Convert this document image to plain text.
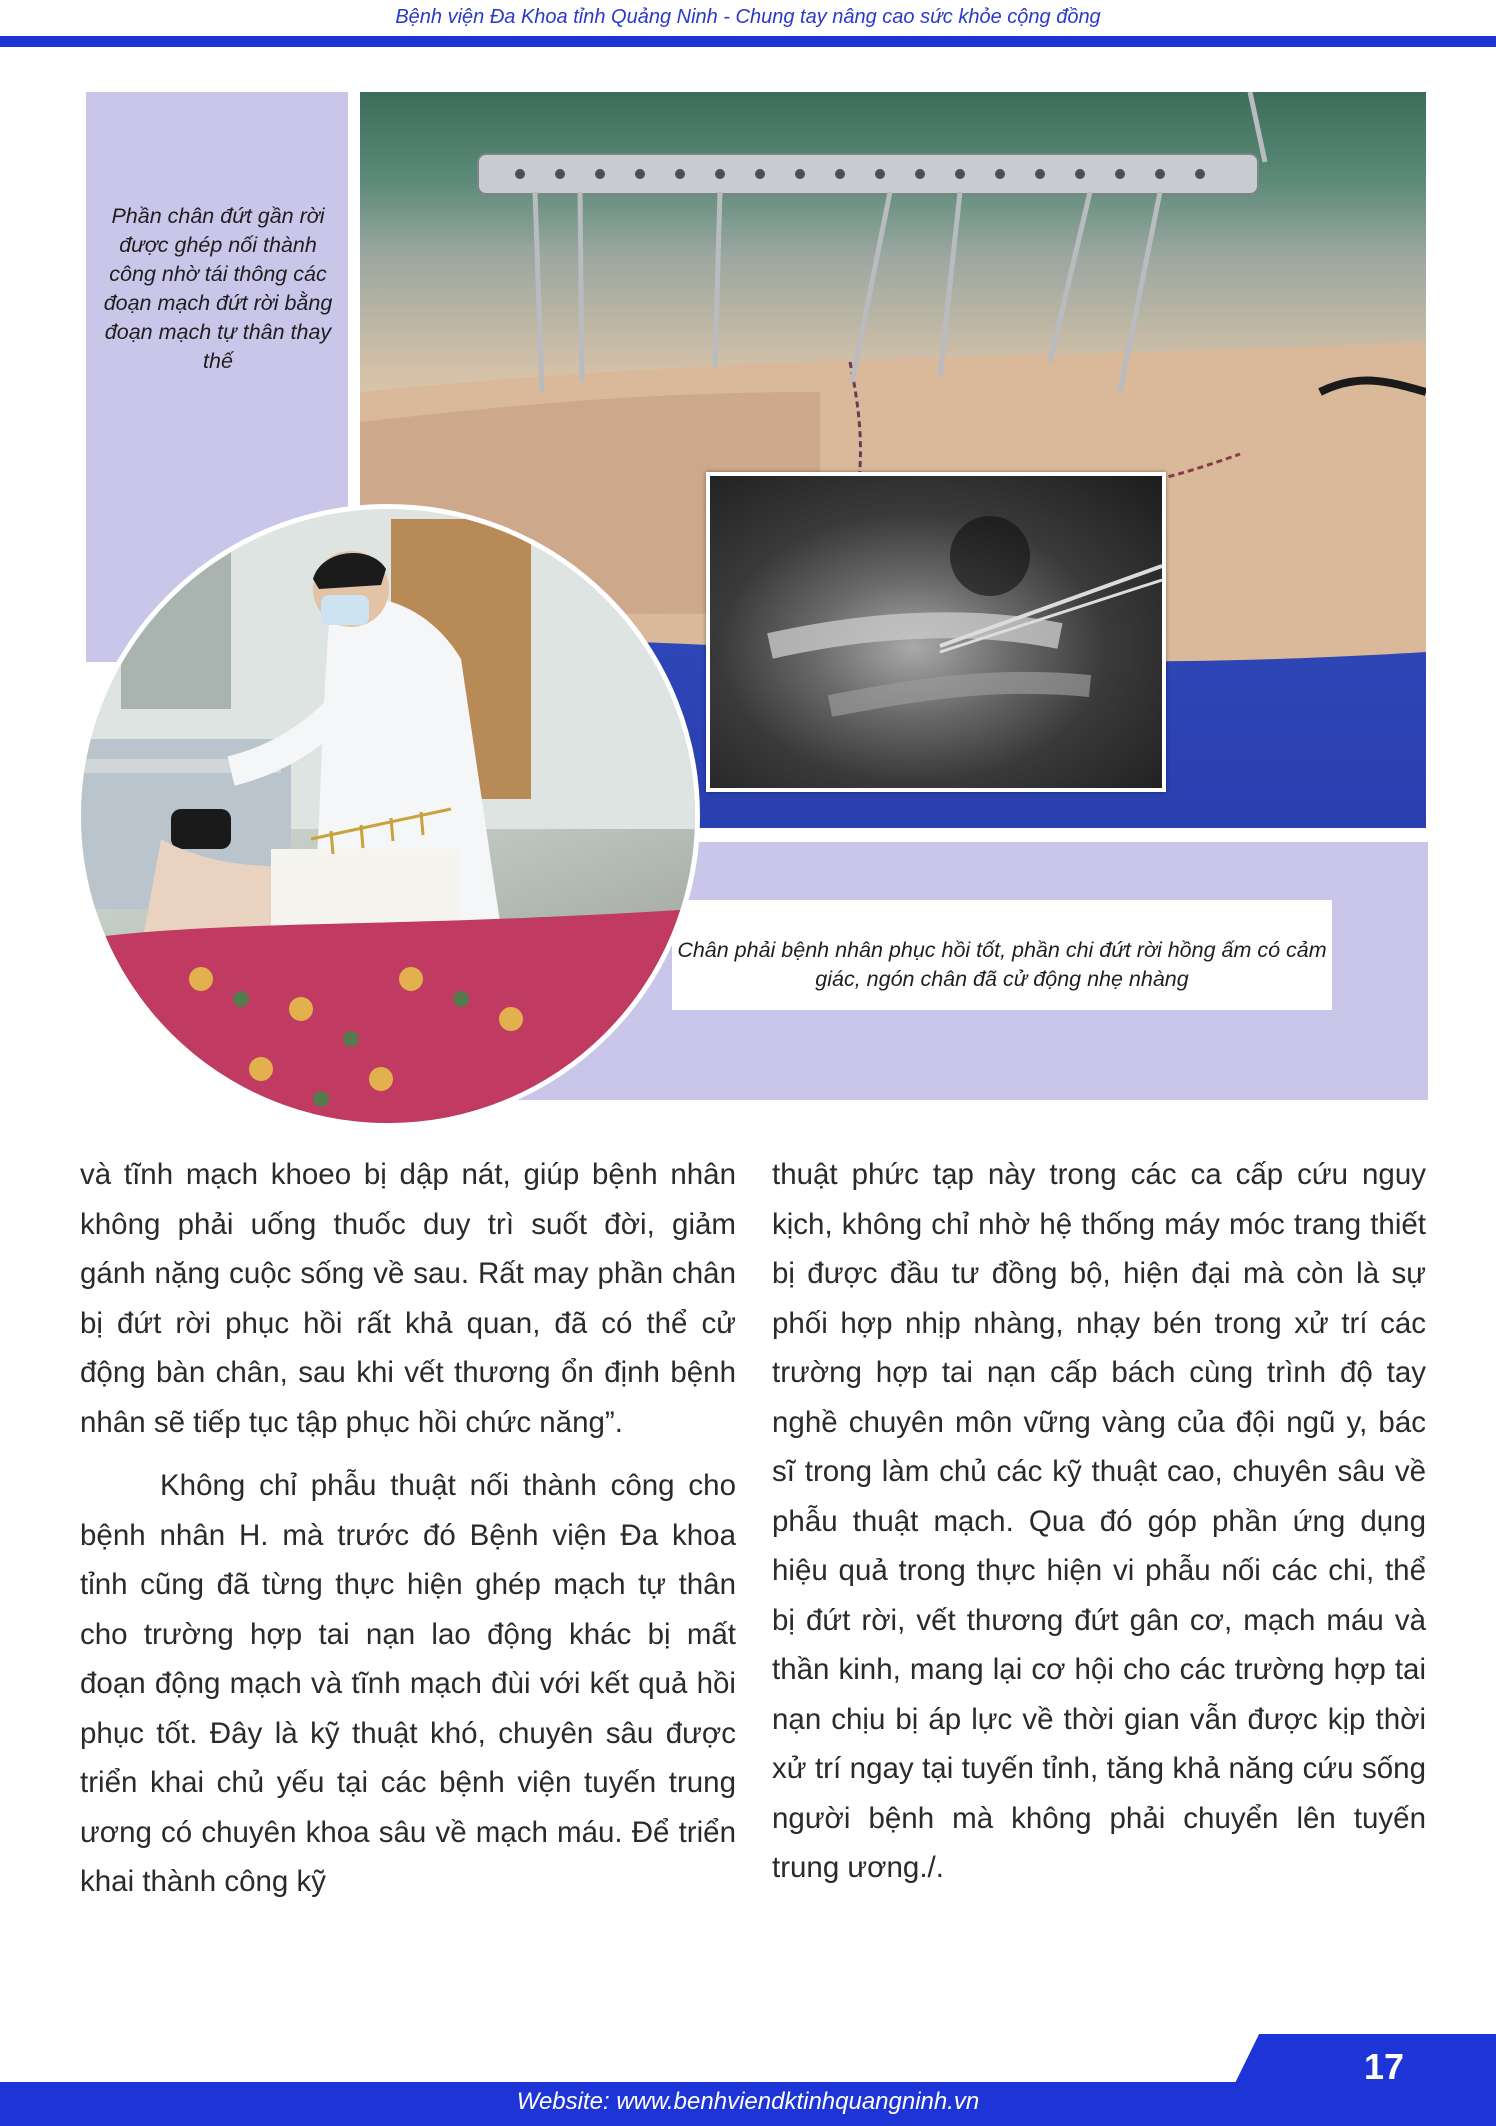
Bệnh viện Đa Khoa tỉnh Quảng Ninh - Chung tay nâng cao sức khỏe cộng đồng
Phần chân đứt gần rời được ghép nối thành công nhờ tái thông các đoạn mạch đứt rời bằng đoạn mạch tự thân thay thế
Chân phải bệnh nhân phục hồi tốt, phần chi đứt rời hồng ấm có cảm giác, ngón chân đã cử động nhẹ nhàng

và tĩnh mạch khoeo bị dập nát, giúp bệnh nhân không phải uống thuốc duy trì suốt đời, giảm gánh nặng cuộc sống về sau. Rất may phần chân bị đứt rời phục hồi rất khả quan, đã có thể cử động bàn chân, sau khi vết thương ổn định bệnh nhân sẽ tiếp tục tập phục hồi chức năng”.

Không chỉ phẫu thuật nối thành công cho bệnh nhân H. mà trước đó Bệnh viện Đa khoa tỉnh cũng đã từng thực hiện ghép mạch tự thân cho trường hợp tai nạn lao động khác bị mất đoạn động mạch và tĩnh mạch đùi với kết quả hồi phục tốt. Đây là kỹ thuật khó, chuyên sâu được triển khai chủ yếu tại các bệnh viện tuyến trung ương có chuyên khoa sâu về mạch máu. Để triển khai thành công kỹ

thuật phức tạp này trong các ca cấp cứu nguy kịch, không chỉ nhờ hệ thống máy móc trang thiết bị được đầu tư đồng bộ, hiện đại mà còn là sự phối hợp nhịp nhàng, nhạy bén trong xử trí các trường hợp tai nạn cấp bách cùng trình độ tay nghề chuyên môn vững vàng của đội ngũ y, bác sĩ trong làm chủ các kỹ thuật cao, chuyên sâu về phẫu thuật mạch. Qua đó góp phần ứng dụng hiệu quả trong thực hiện vi phẫu nối các chi, thể bị đứt rời, vết thương đứt gân cơ, mạch máu và thần kinh, mang lại cơ hội cho các trường hợp tai nạn chịu bị áp lực về thời gian vẫn được kịp thời xử trí ngay tại tuyến tỉnh, tăng khả năng cứu sống người bệnh mà không phải chuyển lên tuyến trung ương./.

17
Website: www.benhviendktinhquangninh.vn
